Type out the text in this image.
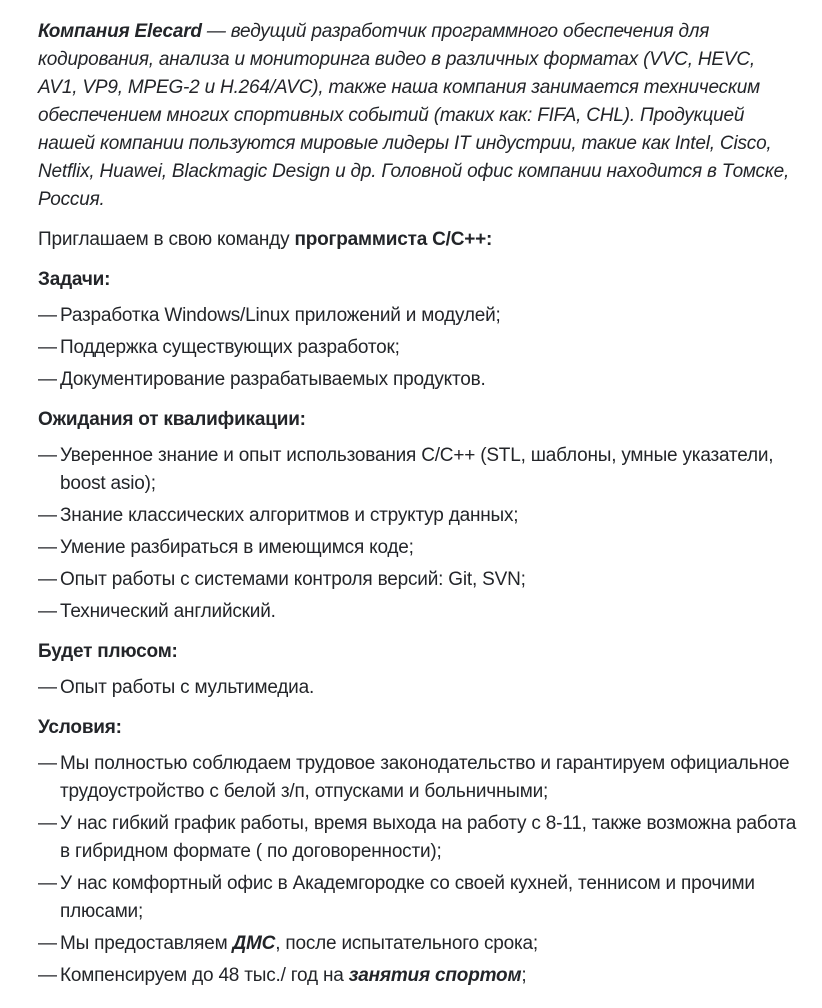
Компания Elecard — ведущий разработчик программного обеспечения для кодирования, анализа и мониторинга видео в различных форматах (VVC, HEVC, AV1, VP9, MPEG-2 и H.264/AVC), также наша компания занимается техническим обеспечением многих спортивных событий (таких как: FIFA, CHL). Продукцией нашей компании пользуются мировые лидеры IT индустрии, такие как Intel, Cisco, Netflix, Huawei, Blackmagic Design и др. Головной офис компании находится в Томске, Россия.

Приглашаем в свою команду программиста C/C++:

Задачи:
— Разработка Windows/Linux приложений и модулей;
— Поддержка существующих разработок;
— Документирование разрабатываемых продуктов.
Ожидания от квалификации:
— Уверенное знание и опыт использования C/C++ (STL, шаблоны, умные указатели, boost asio);
— Знание классических алгоритмов и структур данных;
— Умение разбираться в имеющимся коде;
— Опыт работы с системами контроля версий: Git, SVN;
— Технический английский.
Будет плюсом:
— Опыт работы с мультимедиа.
Условия:
— Мы полностью соблюдаем трудовое законодательство и гарантируем официальное трудоустройство с белой з/п, отпусками и больничными;
— У нас гибкий график работы, время выхода на работу с 8-11, также возможна работа в гибридном формате ( по договоренности);
— У нас комфортный офис в Академгородке со своей кухней, теннисом и прочими плюсами;
— Мы предоставляем ДМС, после испытательного срока;
— Компенсируем до 48 тыс./ год на занятия спортом;
